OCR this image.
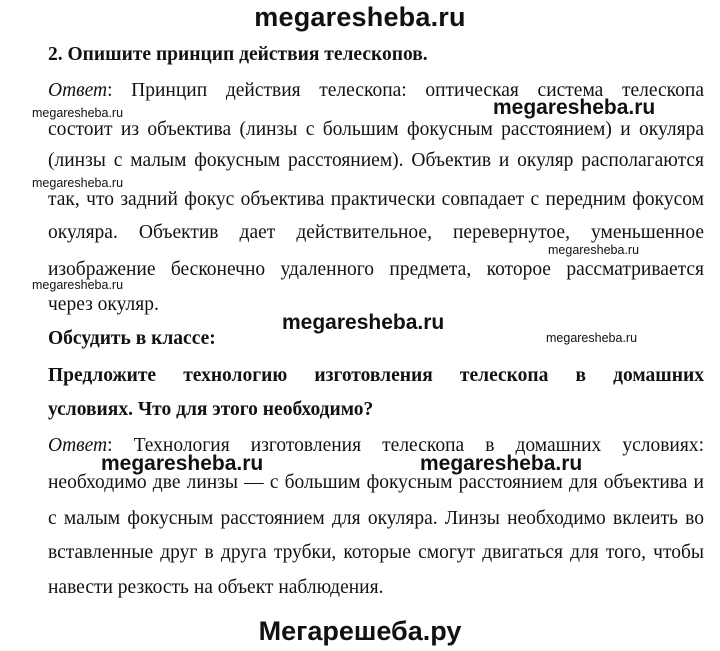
megaresheba.ru
2. Опишите принцип действия телескопов.
Ответ: Принцип действия телескопа: оптическая система телескопа
состоит из объектива (линзы с большим фокусным расстоянием) и окуляра
(линзы с малым фокусным расстоянием). Объектив и окуляр располагаются
так, что задний фокус объектива практически совпадает с передним фокусом
окуляра. Объектив дает действительное, перевернутое, уменьшенное
изображение бесконечно удаленного предмета, которое рассматривается
через окуляр.
Обсудить в классе:
Предложите технологию изготовления телескопа в домашних
условиях. Что для этого необходимо?
Ответ: Технология изготовления телескопа в домашних условиях:
необходимо две линзы — с большим фокусным расстоянием для объектива и
с малым фокусным расстоянием для окуляра. Линзы необходимо вклеить во
вставленные друг в друга трубки, которые смогут двигаться для того, чтобы
навести резкость на объект наблюдения.
megaresheba.ru	megaresheba.ru
megaresheba.ru
megaresheba.ru
megaresheba.ru
megaresheba.ru
megaresheba.ru
megaresheba.ru	megaresheba.ru
Мегарешеба.ру
